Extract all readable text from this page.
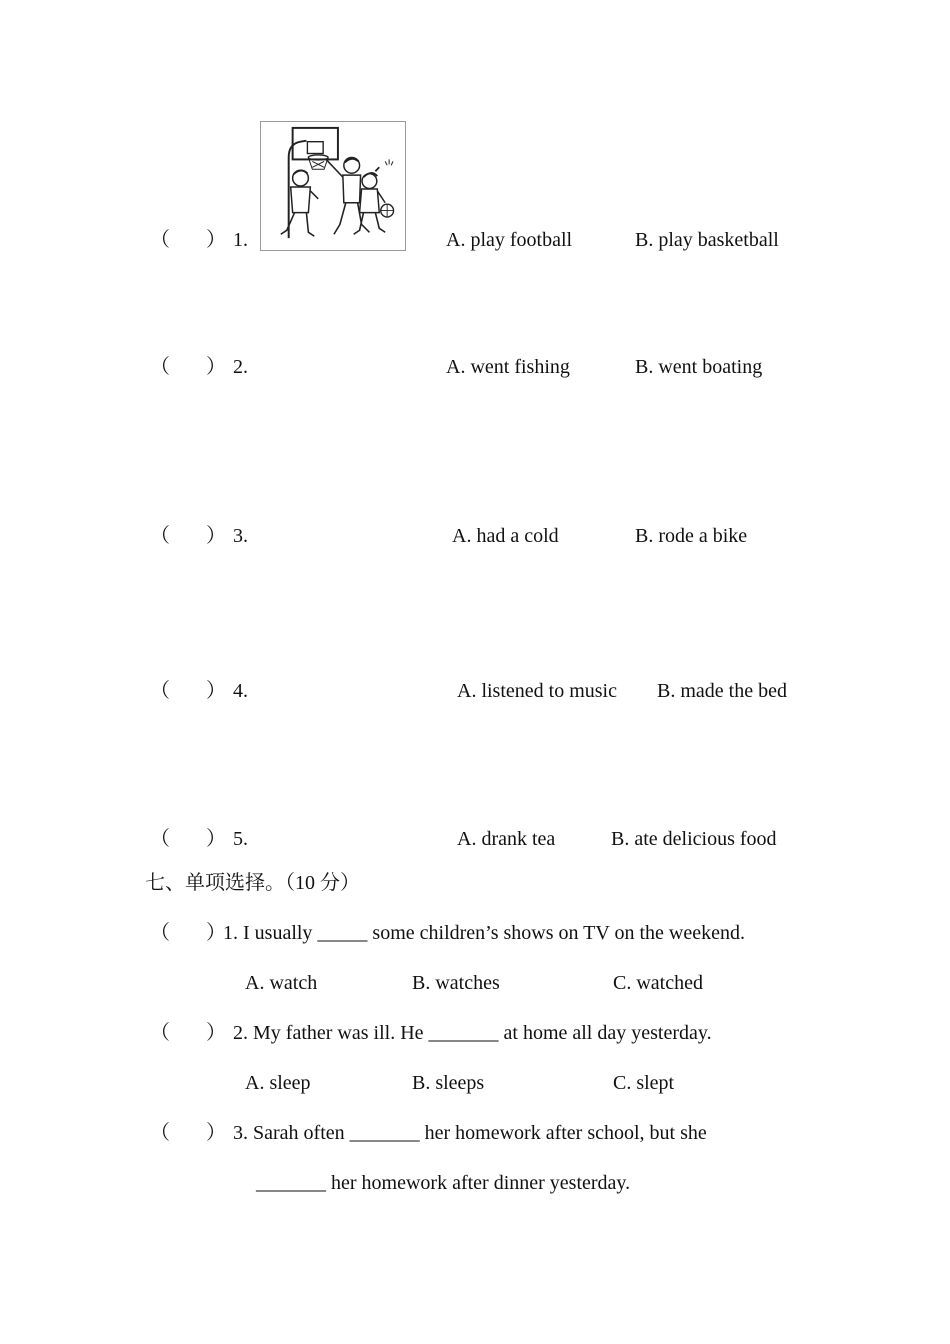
（ ） 1.	A. play football	B. play basketball
（ ） 2.	A. went fishing	B. went boating
（ ） 3.	A. had a cold	B. rode a bike
（ ） 4.	A. listened to music B. made the bed
（ ） 5.	A. drank tea	B. ate delicious food
七、单项选择。（10 分）
（ ）
1. I usually _____ some children’s shows on TV on the weekend.
A. watch	B. watches	C. watched
（ ） 2. My father was ill. He _______ at home all day yesterday.
A. sleep	B. sleeps	C. slept
（ ） 3. Sarah often _______ her homework after school, but she
_______ her homework after dinner yesterday.
